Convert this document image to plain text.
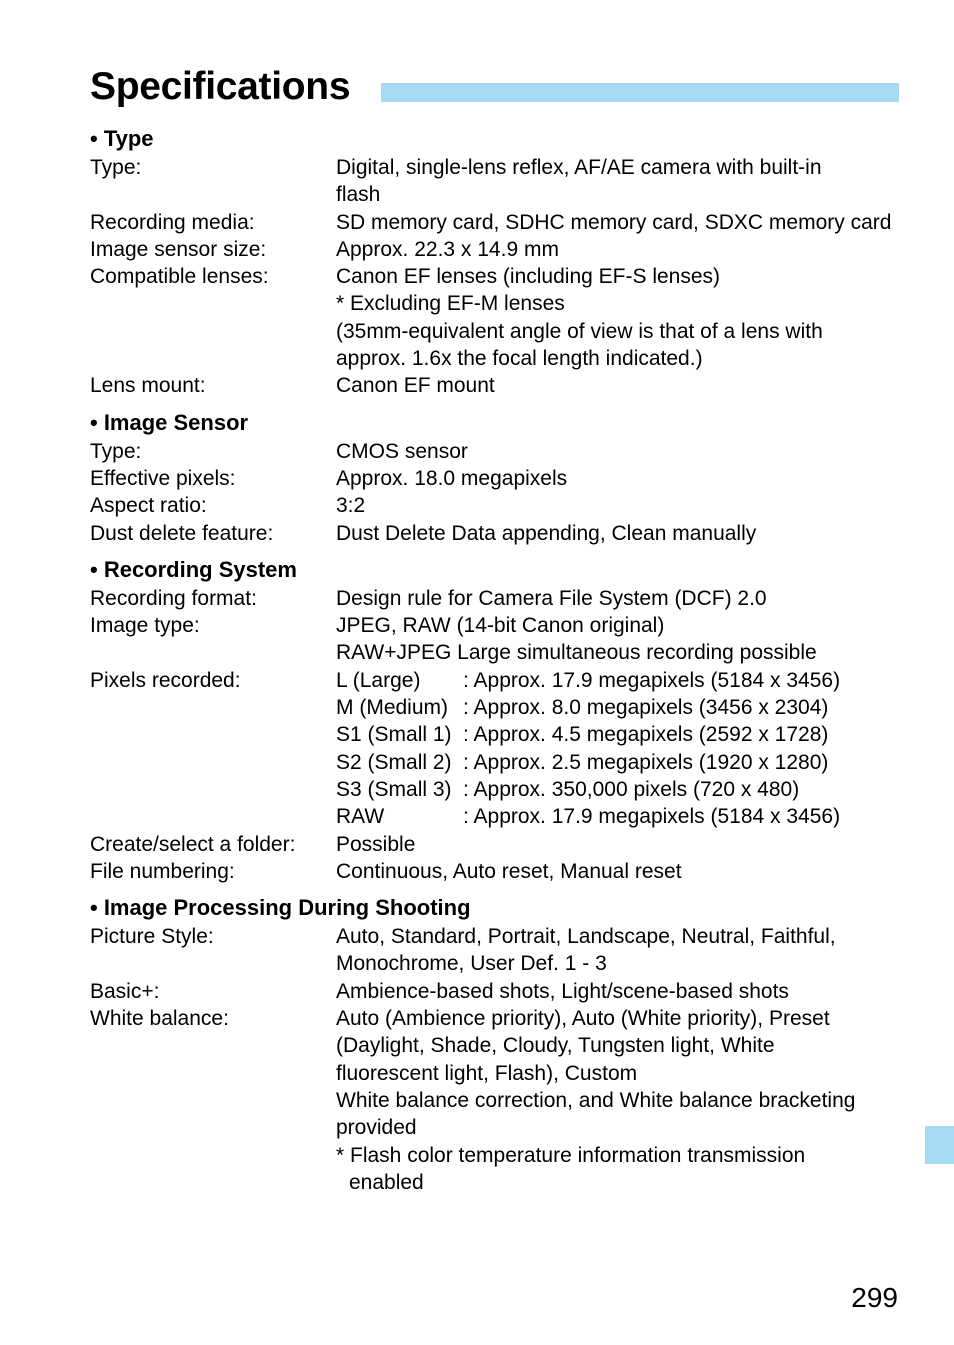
Specifications
• Type
Type:	Digital, single-lens reflex, AF/AE camera with built-in
flash
Recording media:	SD memory card, SDHC memory card, SDXC memory card
Image sensor size:	Approx. 22.3 x 14.9 mm
Compatible lenses:	Canon EF lenses (including EF-S lenses)
* Excluding EF-M lenses
(35mm-equivalent angle of view is that of a lens with
approx. 1.6x the focal length indicated.)
Lens mount:	Canon EF mount
• Image Sensor
Type:	CMOS sensor
Effective pixels:	Approx. 18.0 megapixels
Aspect ratio:	3:2
Dust delete feature:	Dust Delete Data appending, Clean manually
• Recording System
Recording format:	Design rule for Camera File System (DCF) 2.0
Image type:	JPEG, RAW (14-bit Canon original)
RAW+JPEG Large simultaneous recording possible
Pixels recorded:	L (Large)	: Approx. 17.9 megapixels (5184 x 3456)
M (Medium) : Approx. 8.0 megapixels (3456 x 2304)
S1 (Small 1) : Approx. 4.5 megapixels (2592 x 1728)
S2 (Small 2) : Approx. 2.5 megapixels (1920 x 1280)
S3 (Small 3) : Approx. 350,000 pixels (720 x 480)
RAW	: Approx. 17.9 megapixels (5184 x 3456)
Create/select a folder:	Possible
File numbering:	Continuous, Auto reset, Manual reset
• Image Processing During Shooting
Picture Style:	Auto, Standard, Portrait, Landscape, Neutral, Faithful,
Monochrome, User Def. 1 - 3
Basic+:	Ambience-based shots, Light/scene-based shots
White balance:	Auto (Ambience priority), Auto (White priority), Preset
(Daylight, Shade, Cloudy, Tungsten light, White
fluorescent light, Flash), Custom
White balance correction, and White balance bracketing
provided
* Flash color temperature information transmission enabled
299
